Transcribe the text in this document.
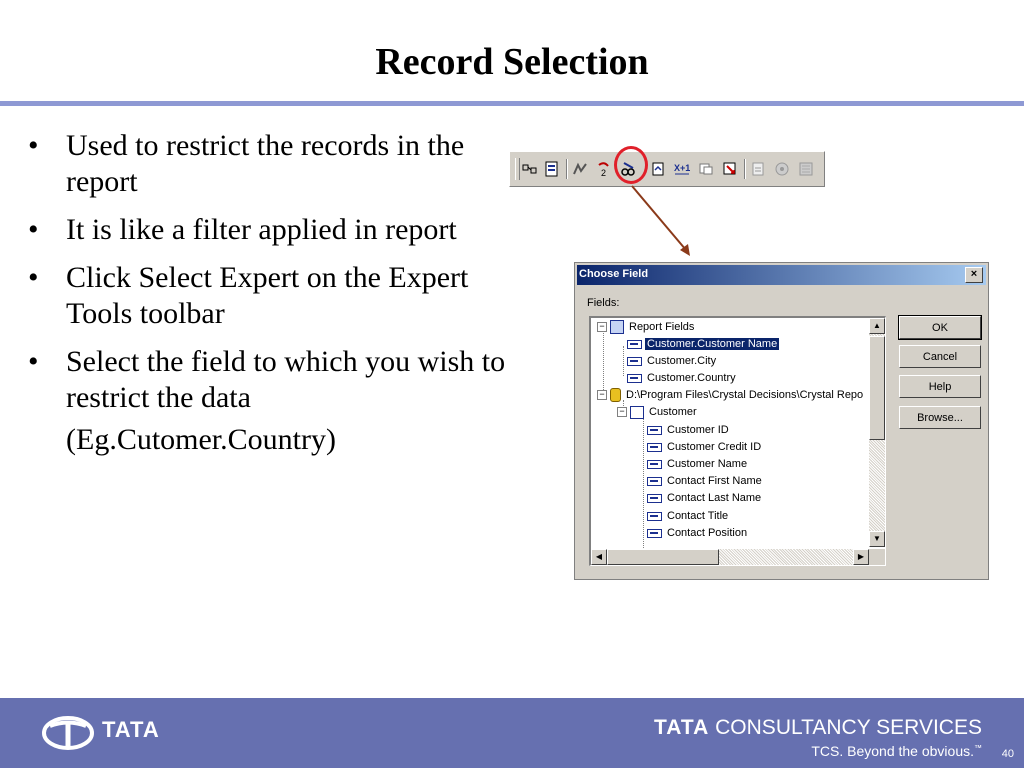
Record Selection
• Used to restrict the records in the report
• It is like a filter applied in report
• Click Select Expert on the Expert Tools toolbar
• Select the field to which you wish to restrict the data
(Eg.Cutomer.Country)
2	X+1
Choose Field	×
Fields:
− Report Fields
Customer.Customer Name
Customer.City
Customer.Country
− D:\Program Files\Crystal Decisions\Crystal Repo
− Customer
Customer ID
Customer Credit ID
Customer Name
Contact First Name
Contact Last Name
Contact Title
Contact Position
▲
▼
◀	▶
OK
Cancel
Help
Browse...
TATA	TATA CONSULTANCY SERVICES
TCS. Beyond the obvious.™
40
